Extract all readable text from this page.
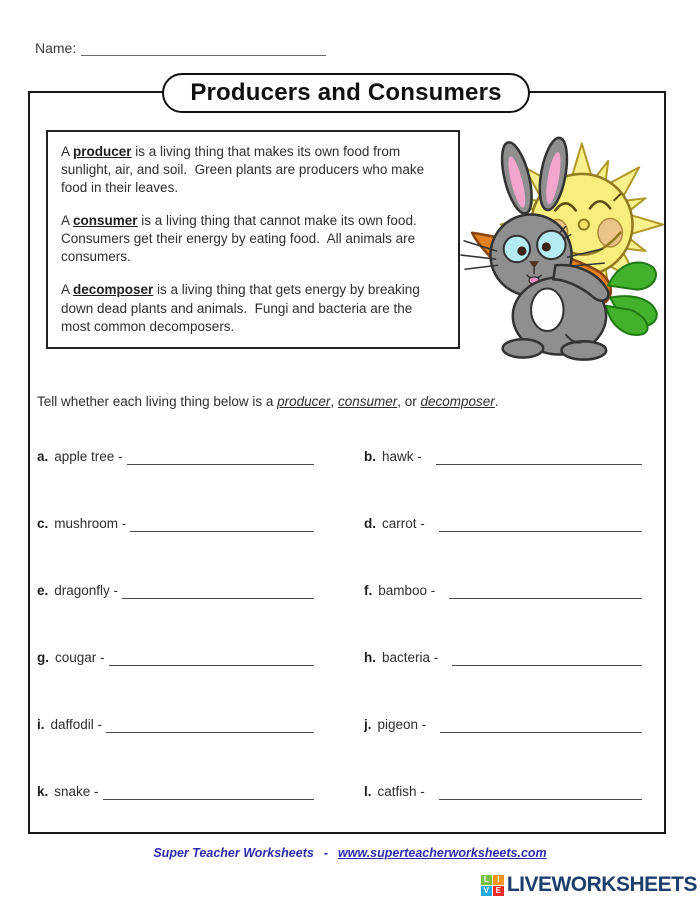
Name:
Producers and Consumers

A producer is a living thing that makes its own food from sunlight, air, and soil.  Green plants are producers who make food in their leaves.

A consumer is a living thing that cannot make its own food. Consumers get their energy by eating food.  All animals are consumers.

A decomposer is a living thing that gets energy by breaking down dead plants and animals.  Fungi and bacteria are the most common decomposers.

Tell whether each living thing below is a producer, consumer, or decomposer.
a. apple tree -	b. hawk -
c. mushroom -	d. carrot -
e. dragonfly -	f. bamboo -
g. cougar -	h. bacteria -
i. daffodil -	j. pigeon -
k. snake -	l. catfish -
Super Teacher Worksheets - www.superteacherworksheets.com
L	I
V E LIVEWORKSHEETS
